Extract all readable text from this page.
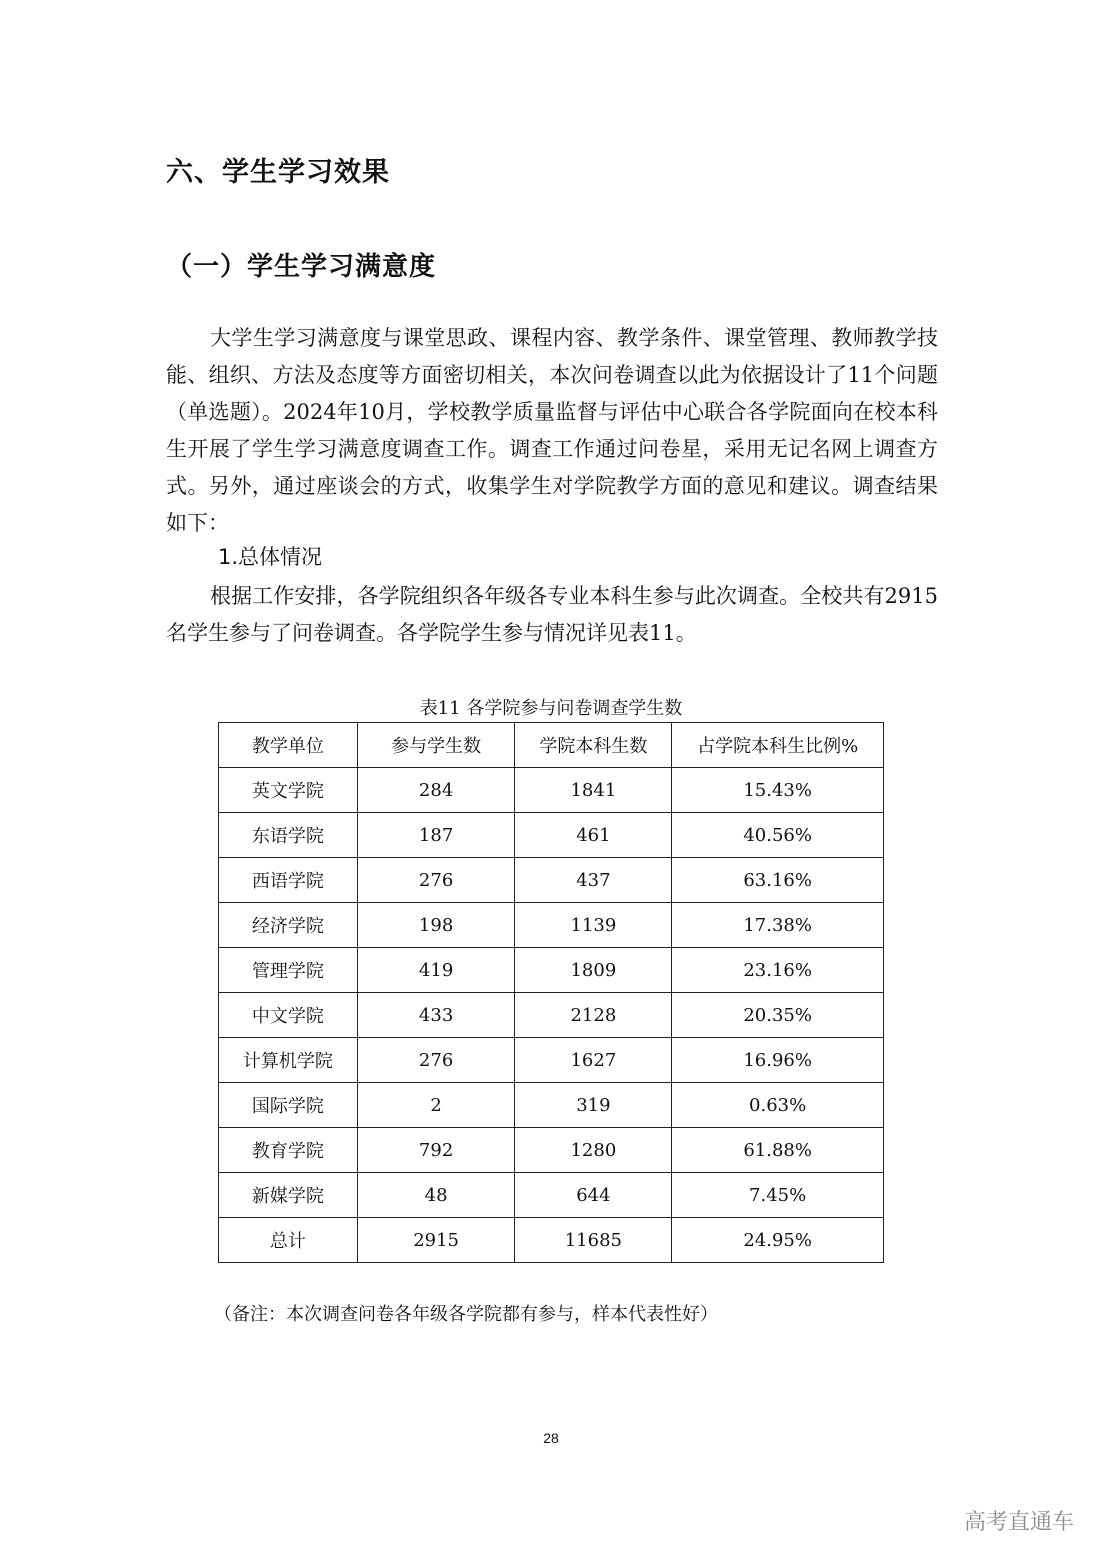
六、学生学习效果
（一）学生学习满意度

大学生学习满意度与课堂思政、课程内容、教学条件、课堂管理、教师教学技能、组织、方法及态度等方面密切相关，本次问卷调查以此为依据设计了11个问题（单选题）。2024年10月，学校教学质量监督与评估中心联合各学院面向在校本科生开展了学生学习满意度调查工作。调查工作通过问卷星，采用无记名网上调查方式。另外，通过座谈会的方式，收集学生对学院教学方面的意见和建议。调查结果如下：

1.总体情况

根据工作安排，各学院组织各年级各专业本科生参与此次调查。全校共有2915名学生参与了问卷调查。各学院学生参与情况详见表11。

表11 各学院参与问卷调查学生数
教学单位	参与学生数	学院本科生数	占学院本科生比例%
英文学院	284	1841	15.43%
东语学院	187	461	40.56%
西语学院	276	437	63.16%
经济学院	198	1139	17.38%
管理学院	419	1809	23.16%
中文学院	433	2128	20.35%
计算机学院	276	1627	16.96%
国际学院	2	319	0.63%
教育学院	792	1280	61.88%
新媒学院	48	644	7.45%
总计	2915	11685	24.95%
（备注：本次调查问卷各年级各学院都有参与，样本代表性好）
28
高考直通车
